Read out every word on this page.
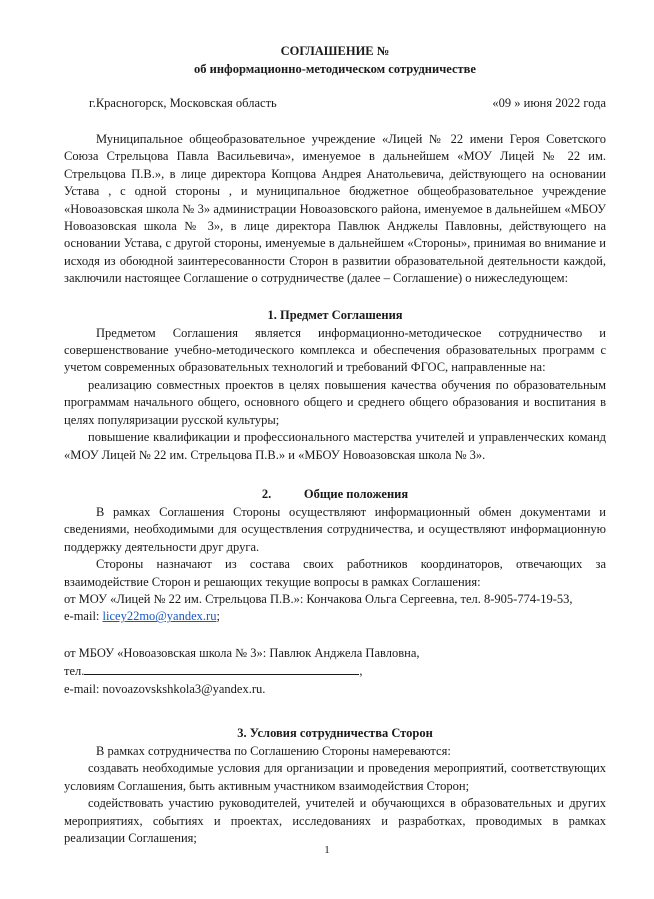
СОГЛАШЕНИЕ №
об информационно-методическом сотрудничестве
г.Красногорск, Московская область	«09 » июня 2022 года

Муниципальное общеобразовательное учреждение «Лицей № 22 имени Героя Советского Союза Стрельцова Павла Васильевича», именуемое в дальнейшем «МОУ Лицей № 22 им. Стрельцова П.В.», в лице директора Копцова Андрея Анатольевича, действующего на основании Устава , с одной стороны , и муниципальное бюджетное общеобразовательное учреждение «Новоазовская школа № 3» администрации Новоазовского района, именуемое в дальнейшем «МБОУ Новоазовская школа № 3», в лице директора Павлюк Анджелы Павловны, действующего на основании Устава, с другой стороны, именуемые в дальнейшем «Стороны», принимая во внимание и исходя из обоюдной заинтересованности Сторон в развитии образовательной деятельности каждой, заключили настоящее Соглашение о сотрудничестве (далее – Соглашение) о нижеследующем:

1. Предмет Соглашения

Предметом Соглашения является информационно-методическое сотрудничество и совершенствование учебно-методического комплекса и обеспечения образовательных программ с учетом современных образовательных технологий и требований ФГОС, направленные на:

реализацию совместных проектов в целях повышения качества обучения по образовательным программам начального общего, основного общего и среднего общего образования и воспитания в целях популяризации русской культуры;

повышение квалификации и профессионального мастерства учителей и управленческих команд «МОУ Лицей № 22 им. Стрельцова П.В.» и «МБОУ Новоазовская школа № 3».

2.	Общие положения

В рамках Соглашения Стороны осуществляют информационный обмен документами и сведениями, необходимыми для осуществления сотрудничества, и осуществляют информационную поддержку деятельности друг друга.

Стороны назначают из состава своих работников координаторов, отвечающих за взаимодействие Сторон и решающих текущие вопросы в рамках Соглашения:

от МОУ «Лицей № 22 им. Стрельцова П.В.»: Кончакова Ольга Сергеевна, тел. 8-905-774-19-53,

e-mail: licey22mo@yandex.ru;

от МБОУ «Новоазовская школа № 3»: Павлюк Анджела Павловна,

тел.	,

e-mail: novoazovskshkola3@yandex.ru.

3. Условия сотрудничества Сторон

В рамках сотрудничества по Соглашению Стороны намереваются:

создавать необходимые условия для организации и проведения мероприятий, соответствующих условиям Соглашения, быть активным участником взаимодействия Сторон;

содействовать участию руководителей, учителей и обучающихся в образовательных и других мероприятиях, событиях и проектах, исследованиях и разработках, проводимых в рамках реализации Соглашения;

1
